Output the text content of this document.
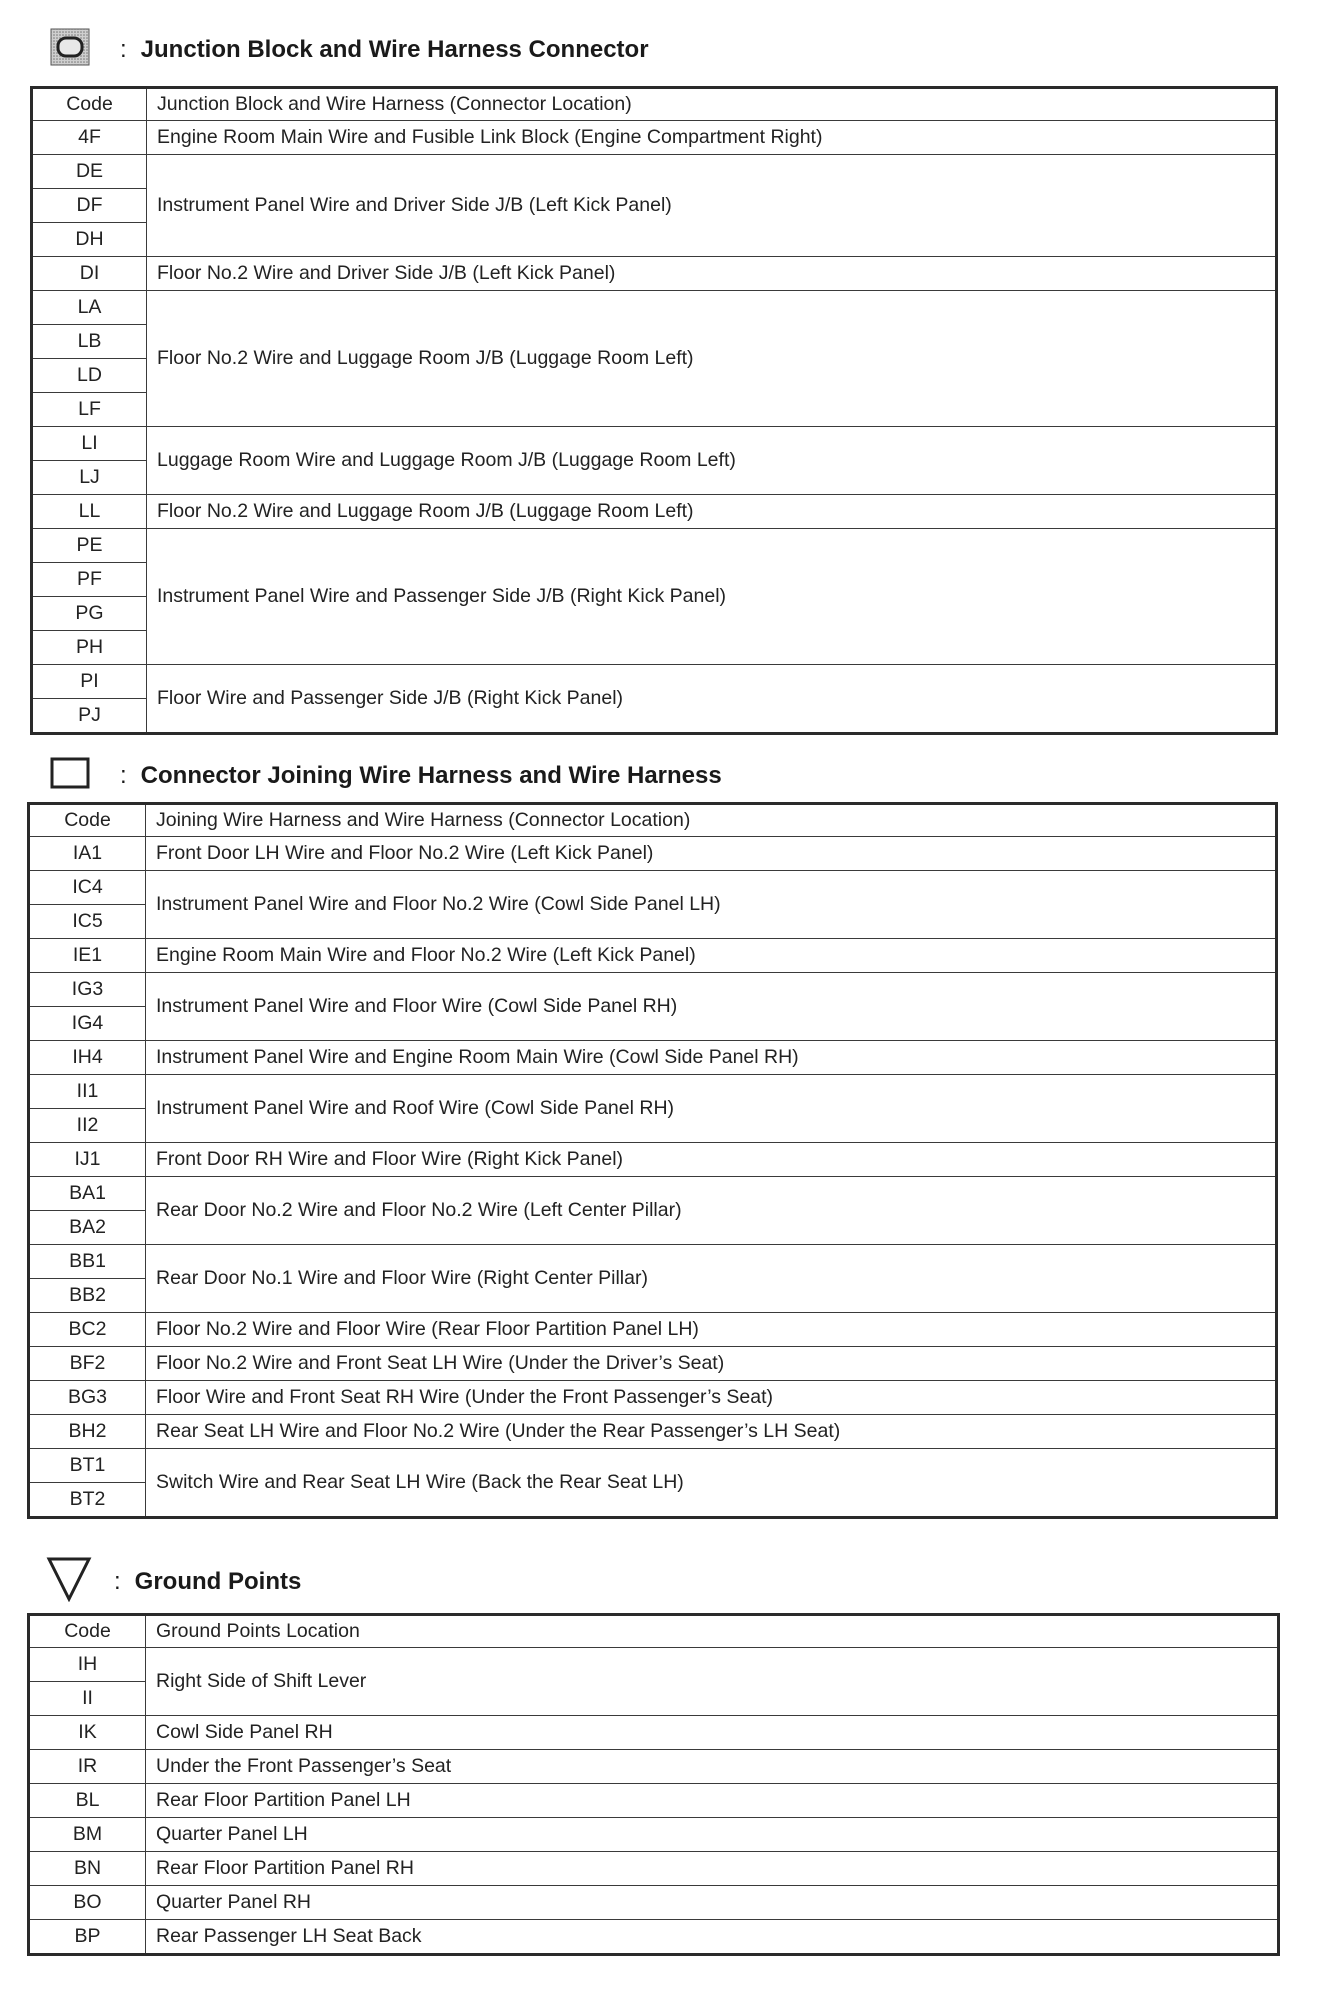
: Junction Block and Wire Harness Connector
Code	Junction Block and Wire Harness (Connector Location)
4F	Engine Room Main Wire and Fusible Link Block (Engine Compartment Right)
DE	Instrument Panel Wire and Driver Side J/B (Left Kick Panel)
DF	
DH	
DI	Floor No.2 Wire and Driver Side J/B (Left Kick Panel)
LA	Floor No.2 Wire and Luggage Room J/B (Luggage Room Left)
LB	
LD	
LF	
LI	Luggage Room Wire and Luggage Room J/B (Luggage Room Left)
LJ	
LL	Floor No.2 Wire and Luggage Room J/B (Luggage Room Left)
PE	Instrument Panel Wire and Passenger Side J/B (Right Kick Panel)
PF	
PG	
PH	
PI	Floor Wire and Passenger Side J/B (Right Kick Panel)
PJ	
: Connector Joining Wire Harness and Wire Harness
Code	Joining Wire Harness and Wire Harness (Connector Location)
IA1	Front Door LH Wire and Floor No.2 Wire (Left Kick Panel)
IC4	Instrument Panel Wire and Floor No.2 Wire (Cowl Side Panel LH)
IC5	
IE1	Engine Room Main Wire and Floor No.2 Wire (Left Kick Panel)
IG3	Instrument Panel Wire and Floor Wire (Cowl Side Panel RH)
IG4	
IH4	Instrument Panel Wire and Engine Room Main Wire (Cowl Side Panel RH)
II1	Instrument Panel Wire and Roof Wire (Cowl Side Panel RH)
II2	
IJ1	Front Door RH Wire and Floor Wire (Right Kick Panel)
BA1	Rear Door No.2 Wire and Floor No.2 Wire (Left Center Pillar)
BA2	
BB1	Rear Door No.1 Wire and Floor Wire (Right Center Pillar)
BB2	
BC2	Floor No.2 Wire and Floor Wire (Rear Floor Partition Panel LH)
BF2	Floor No.2 Wire and Front Seat LH Wire (Under the Driver’s Seat)
BG3	Floor Wire and Front Seat RH Wire (Under the Front Passenger’s Seat)
BH2	Rear Seat LH Wire and Floor No.2 Wire (Under the Rear Passenger’s LH Seat)
BT1	Switch Wire and Rear Seat LH Wire (Back the Rear Seat LH)
BT2	
: Ground Points
Code	Ground Points Location
IH	Right Side of Shift Lever
II	
IK	Cowl Side Panel RH
IR	Under the Front Passenger’s Seat
BL	Rear Floor Partition Panel LH
BM	Quarter Panel LH
BN	Rear Floor Partition Panel RH
BO	Quarter Panel RH
BP	Rear Passenger LH Seat Back
